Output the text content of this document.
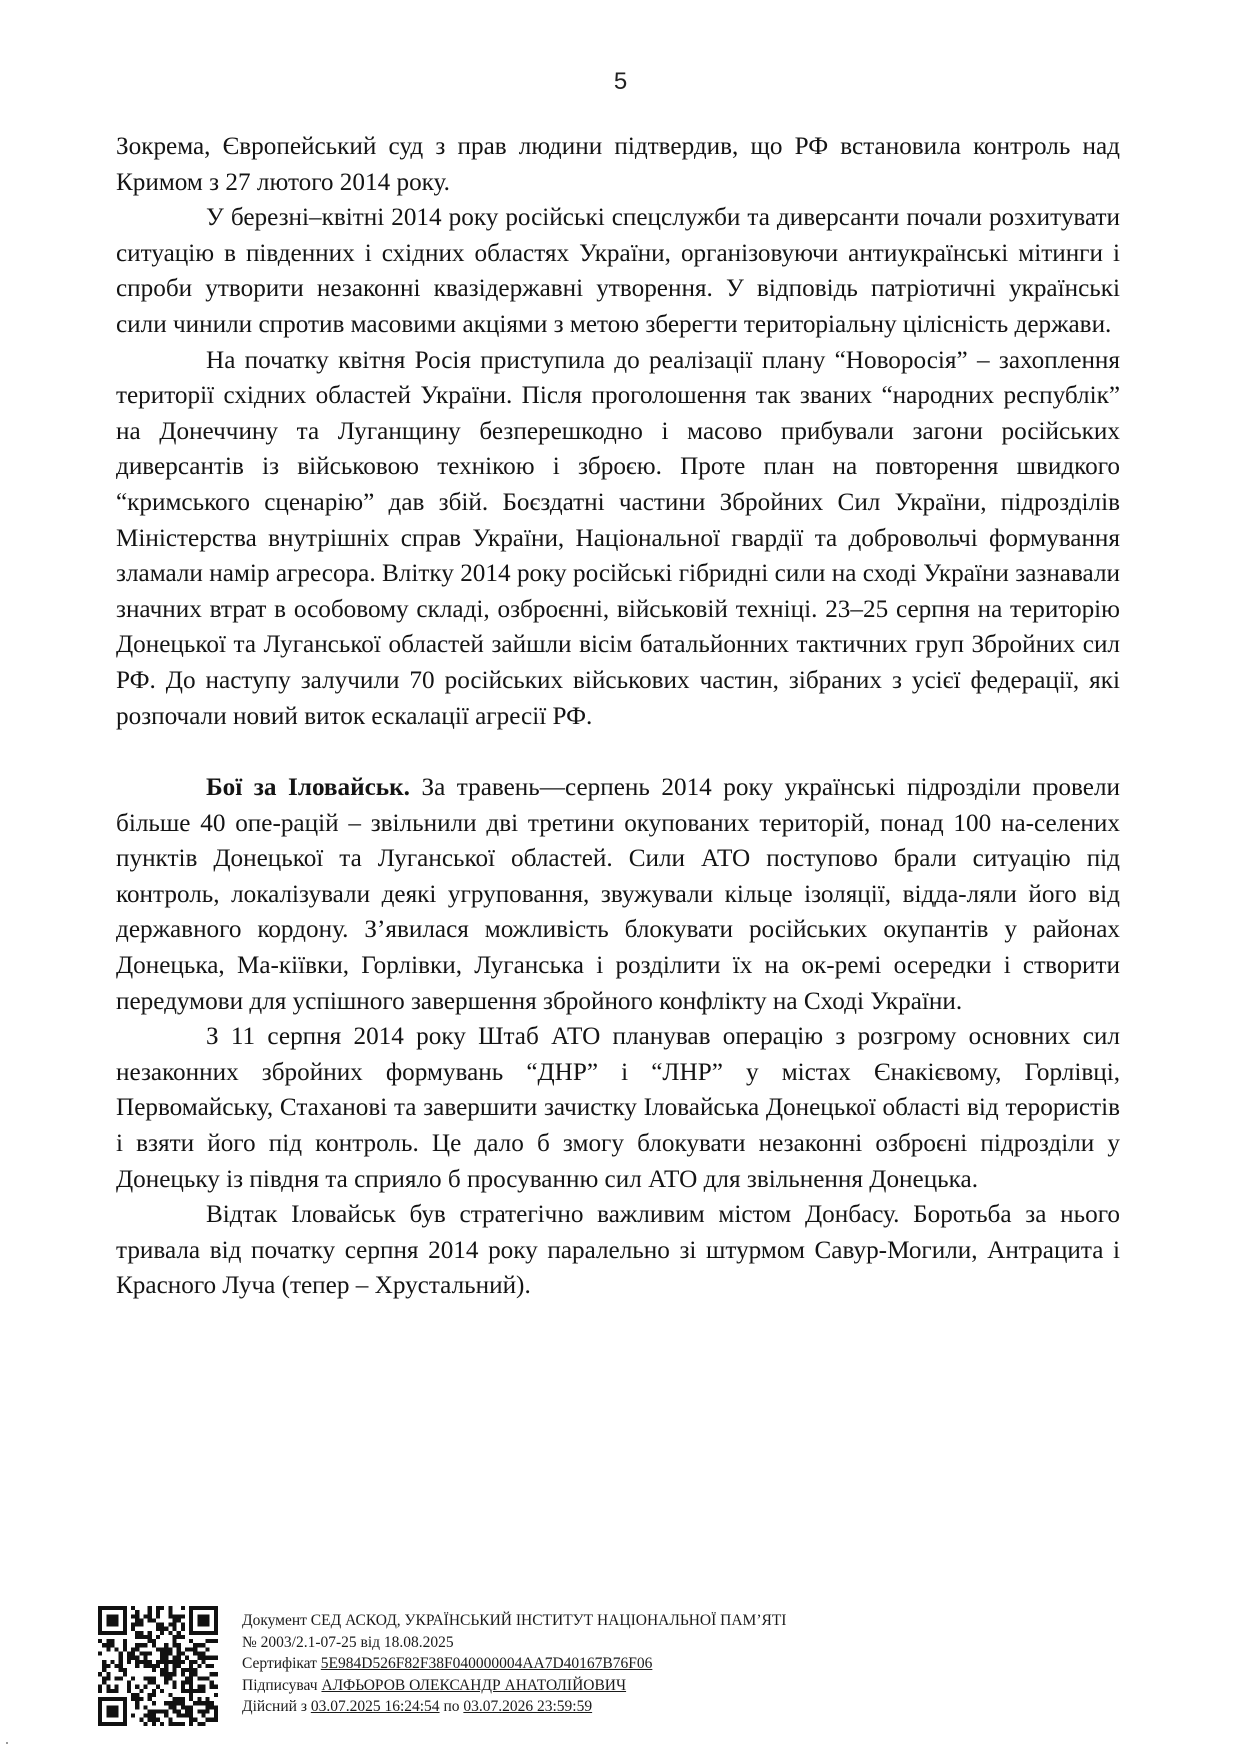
5

Зокрема, Європейський суд з прав людини підтвердив, що РФ встановила контроль над Кримом з 27 лютого 2014 року.

У березні–квітні 2014 року російські спецслужби та диверсанти почали розхитувати ситуацію в південних і східних областях України, організовуючи антиукраїнські мітинги і спроби утворити незаконні квазідержавні утворення. У відповідь патріотичні українські сили чинили спротив масовими акціями з метою зберегти територіальну цілісність держави.

На початку квітня Росія приступила до реалізації плану “Новоросія” – захоплення території східних областей України. Після проголошення так званих “народних республік” на Донеччину та Луганщину безперешкодно і масово прибували загони російських диверсантів із військовою технікою і зброєю. Проте план на повторення швидкого “кримського сценарію” дав збій. Боєздатні частини Збройних Сил України, підрозділів Міністерства внутрішніх справ України, Національної гвардії та добровольчі формування зламали намір агресора. Влітку 2014 року російські гібридні сили на сході України зазнавали значних втрат в особовому складі, озброєнні, військовій техніці. 23–25 серпня на територію Донецької та Луганської областей зайшли вісім батальйонних тактичних груп Збройних сил РФ. До наступу залучили 70 російських військових частин, зібраних з усієї федерації, які розпочали новий виток ескалації агресії РФ.

Бої за Іловайськ. За травень—серпень 2014 року українські підрозділи провели більше 40 опе-рацій – звільнили дві третини окупованих територій, понад 100 на-селених пунктів Донецької та Луганської областей. Сили АТО поступово брали ситуацію під контроль, локалізували деякі угруповання, звужували кільце ізоляції, відда-ляли його від державного кордону. З’явилася можливість блокувати російських окупантів у районах Донецька, Ма-кіївки, Горлівки, Луганська і розділити їх на ок-ремі осередки і створити передумови для успішного завершення збройного конфлікту на Сході України.

З 11 серпня 2014 року Штаб АТО планував операцію з розгрому основних сил незаконних збройних формувань “ДНР” і “ЛНР” у містах Єнакієвому, Горлівці, Первомайську, Стаханові та завершити зачистку Іловайська Донецької області від терористів і взяти його під контроль. Це дало б змогу блокувати незаконні озброєні підрозділи у Донецьку із півдня та сприяло б просуванню сил АТО для звільнення Донецька.

Відтак Іловайськ був стратегічно важливим містом Донбасу. Боротьба за нього тривала від початку серпня 2014 року паралельно зі штурмом Савур-Могили, Антрацита і Красного Луча (тепер – Хрустальний).

Документ СЕД АСКОД, УКРАЇНСЬКИЙ ІНСТИТУТ НАЦІОНАЛЬНОЇ ПАМ’ЯТІ
№ 2003/2.1-07-25 від 18.08.2025
Сертифікат 5E984D526F82F38F040000004AA7D40167B76F06
Підписувач АЛФЬОРОВ ОЛЕКСАНДР АНАТОЛІЙОВИЧ
Дійсний з 03.07.2025 16:24:54 по 03.07.2026 23:59:59
